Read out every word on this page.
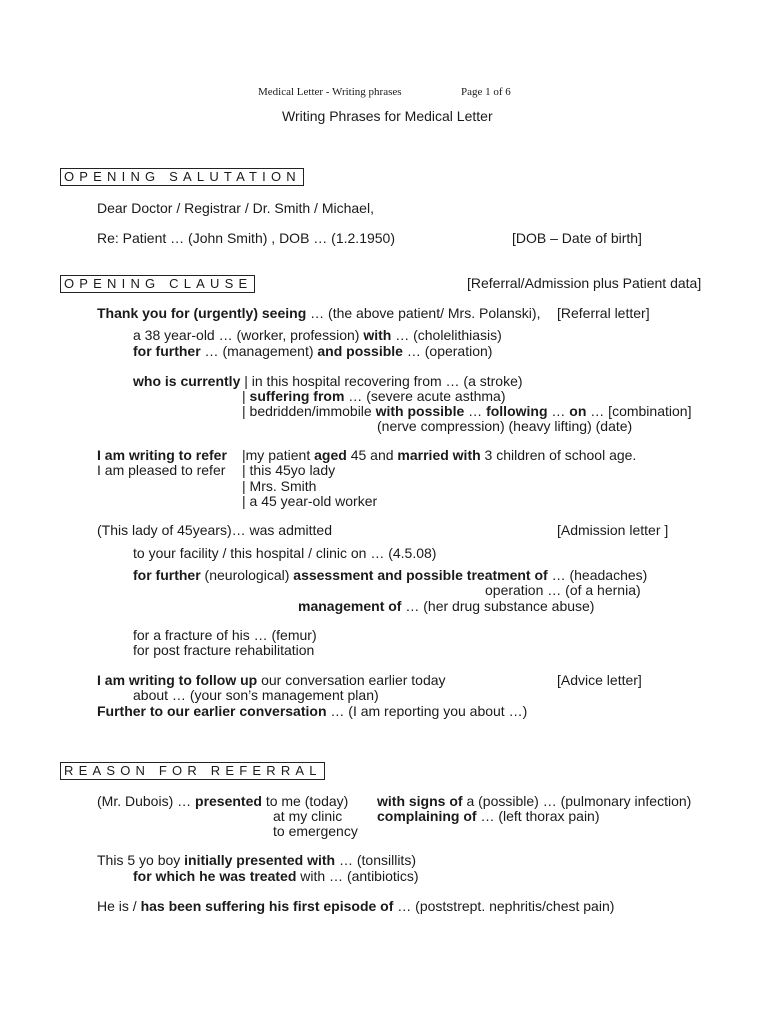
Medical Letter - Writing phrases	Page 1 of 6
Writing Phrases for Medical Letter
OPENING SALUTATION
Dear Doctor / Registrar / Dr. Smith / Michael,
Re: Patient … (John Smith) , DOB … (1.2.1950)	[DOB – Date of birth]
OPENING CLAUSE	[Referral/Admission plus Patient data]
Thank you for (urgently) seeing … (the above patient/ Mrs. Polanski), [Referral letter]
a 38 year-old … (worker, profession) with … (cholelithiasis)
for further … (management) and possible … (operation)
who is currently | in this hospital recovering from … (a stroke)
| suffering from … (severe acute asthma)
| bedridden/immobile with possible … following … on … [combination]
(nerve compression) (heavy lifting) (date)
I am writing to refer |my patient aged 45 and married with 3 children of school age.
I am pleased to refer | this 45yo lady
| Mrs. Smith
| a 45 year-old worker
(This lady of 45years)… was admitted	[Admission letter ]
to your facility / this hospital / clinic on … (4.5.08)
for further (neurological) assessment and possible treatment of … (headaches)
operation … (of a hernia)
management of … (her drug substance abuse)
for a fracture of his … (femur)
for post fracture rehabilitation
I am writing to follow up our conversation earlier today	[Advice letter]
about … (your son’s management plan)
Further to our earlier conversation … (I am reporting you about …)
REASON FOR REFERRAL
(Mr. Dubois) … presented to me (today) with signs of a (possible) … (pulmonary infection)
at my clinic complaining of … (left thorax pain)
to emergency
This 5 yo boy initially presented with … (tonsillits)
for which he was treated with … (antibiotics)
He is / has been suffering his first episode of … (poststrept. nephritis/chest pain)
